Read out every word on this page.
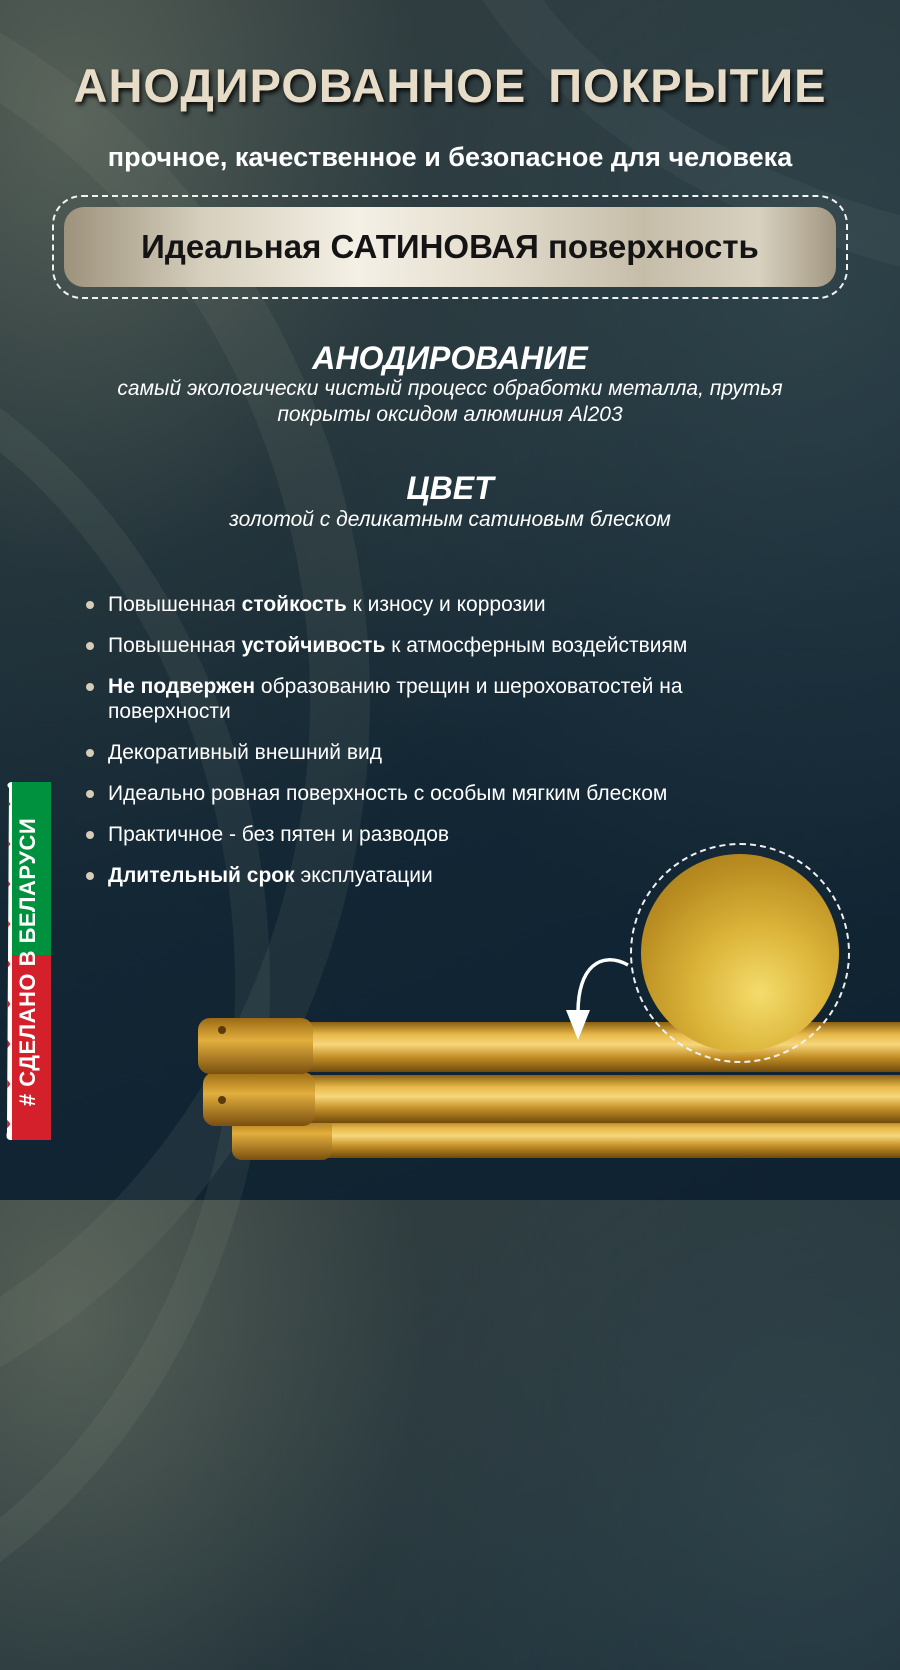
АНОДИРОВАННОЕ ПОКРЫТИЕ
прочное, качественное и безопасное для человека
Идеальная САТИНОВАЯ поверхность
АНОДИРОВАНИЕ
самый экологически чистый процесс обработки металла, прутья
покрыты оксидом алюминия Al203
ЦВЕТ
золотой с деликатным сатиновым блеском
Повышенная стойкость к износу и коррозии
Повышенная устойчивость к атмосферным воздействиям
Не подвержен образованию трещин и шероховатостей на поверхности
Декоративный внешний вид
Идеально ровная поверхность с особым мягким блеском
Практичное - без пятен и разводов
Длительный срок эксплуатации
# СДЕЛАНО В БЕЛАРУСИ
